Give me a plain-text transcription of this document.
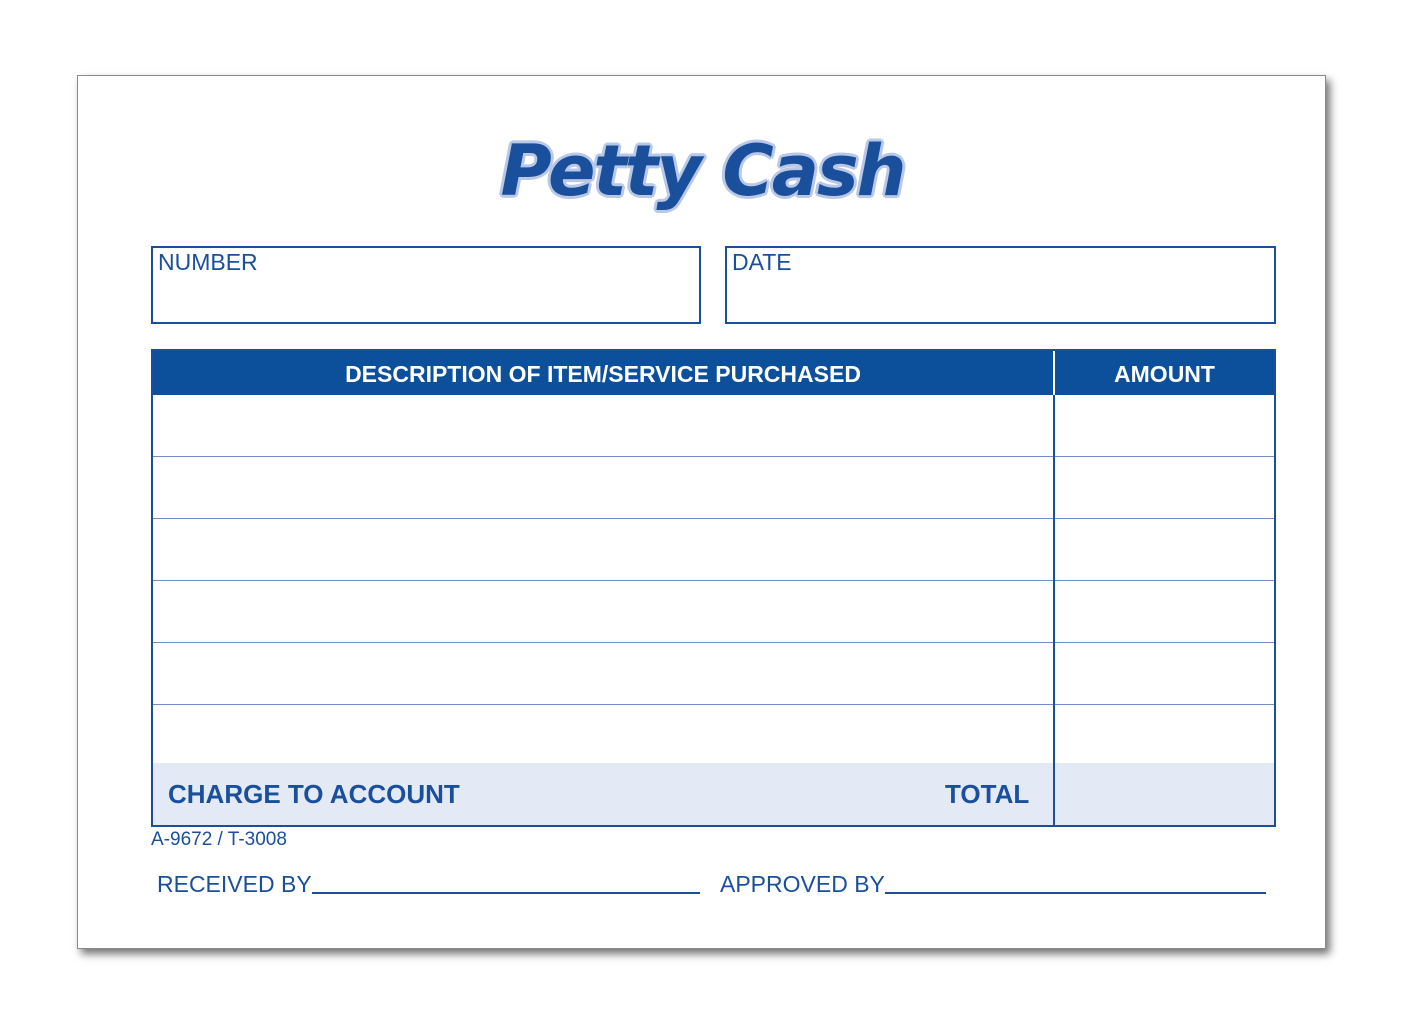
Petty Cash
NUMBER	DATE
DESCRIPTION OF ITEM/SERVICE PURCHASED	AMOUNT
CHARGE TO ACCOUNT	TOTAL
A-9672 / T-3008
RECEIVED BY	APPROVED BY
